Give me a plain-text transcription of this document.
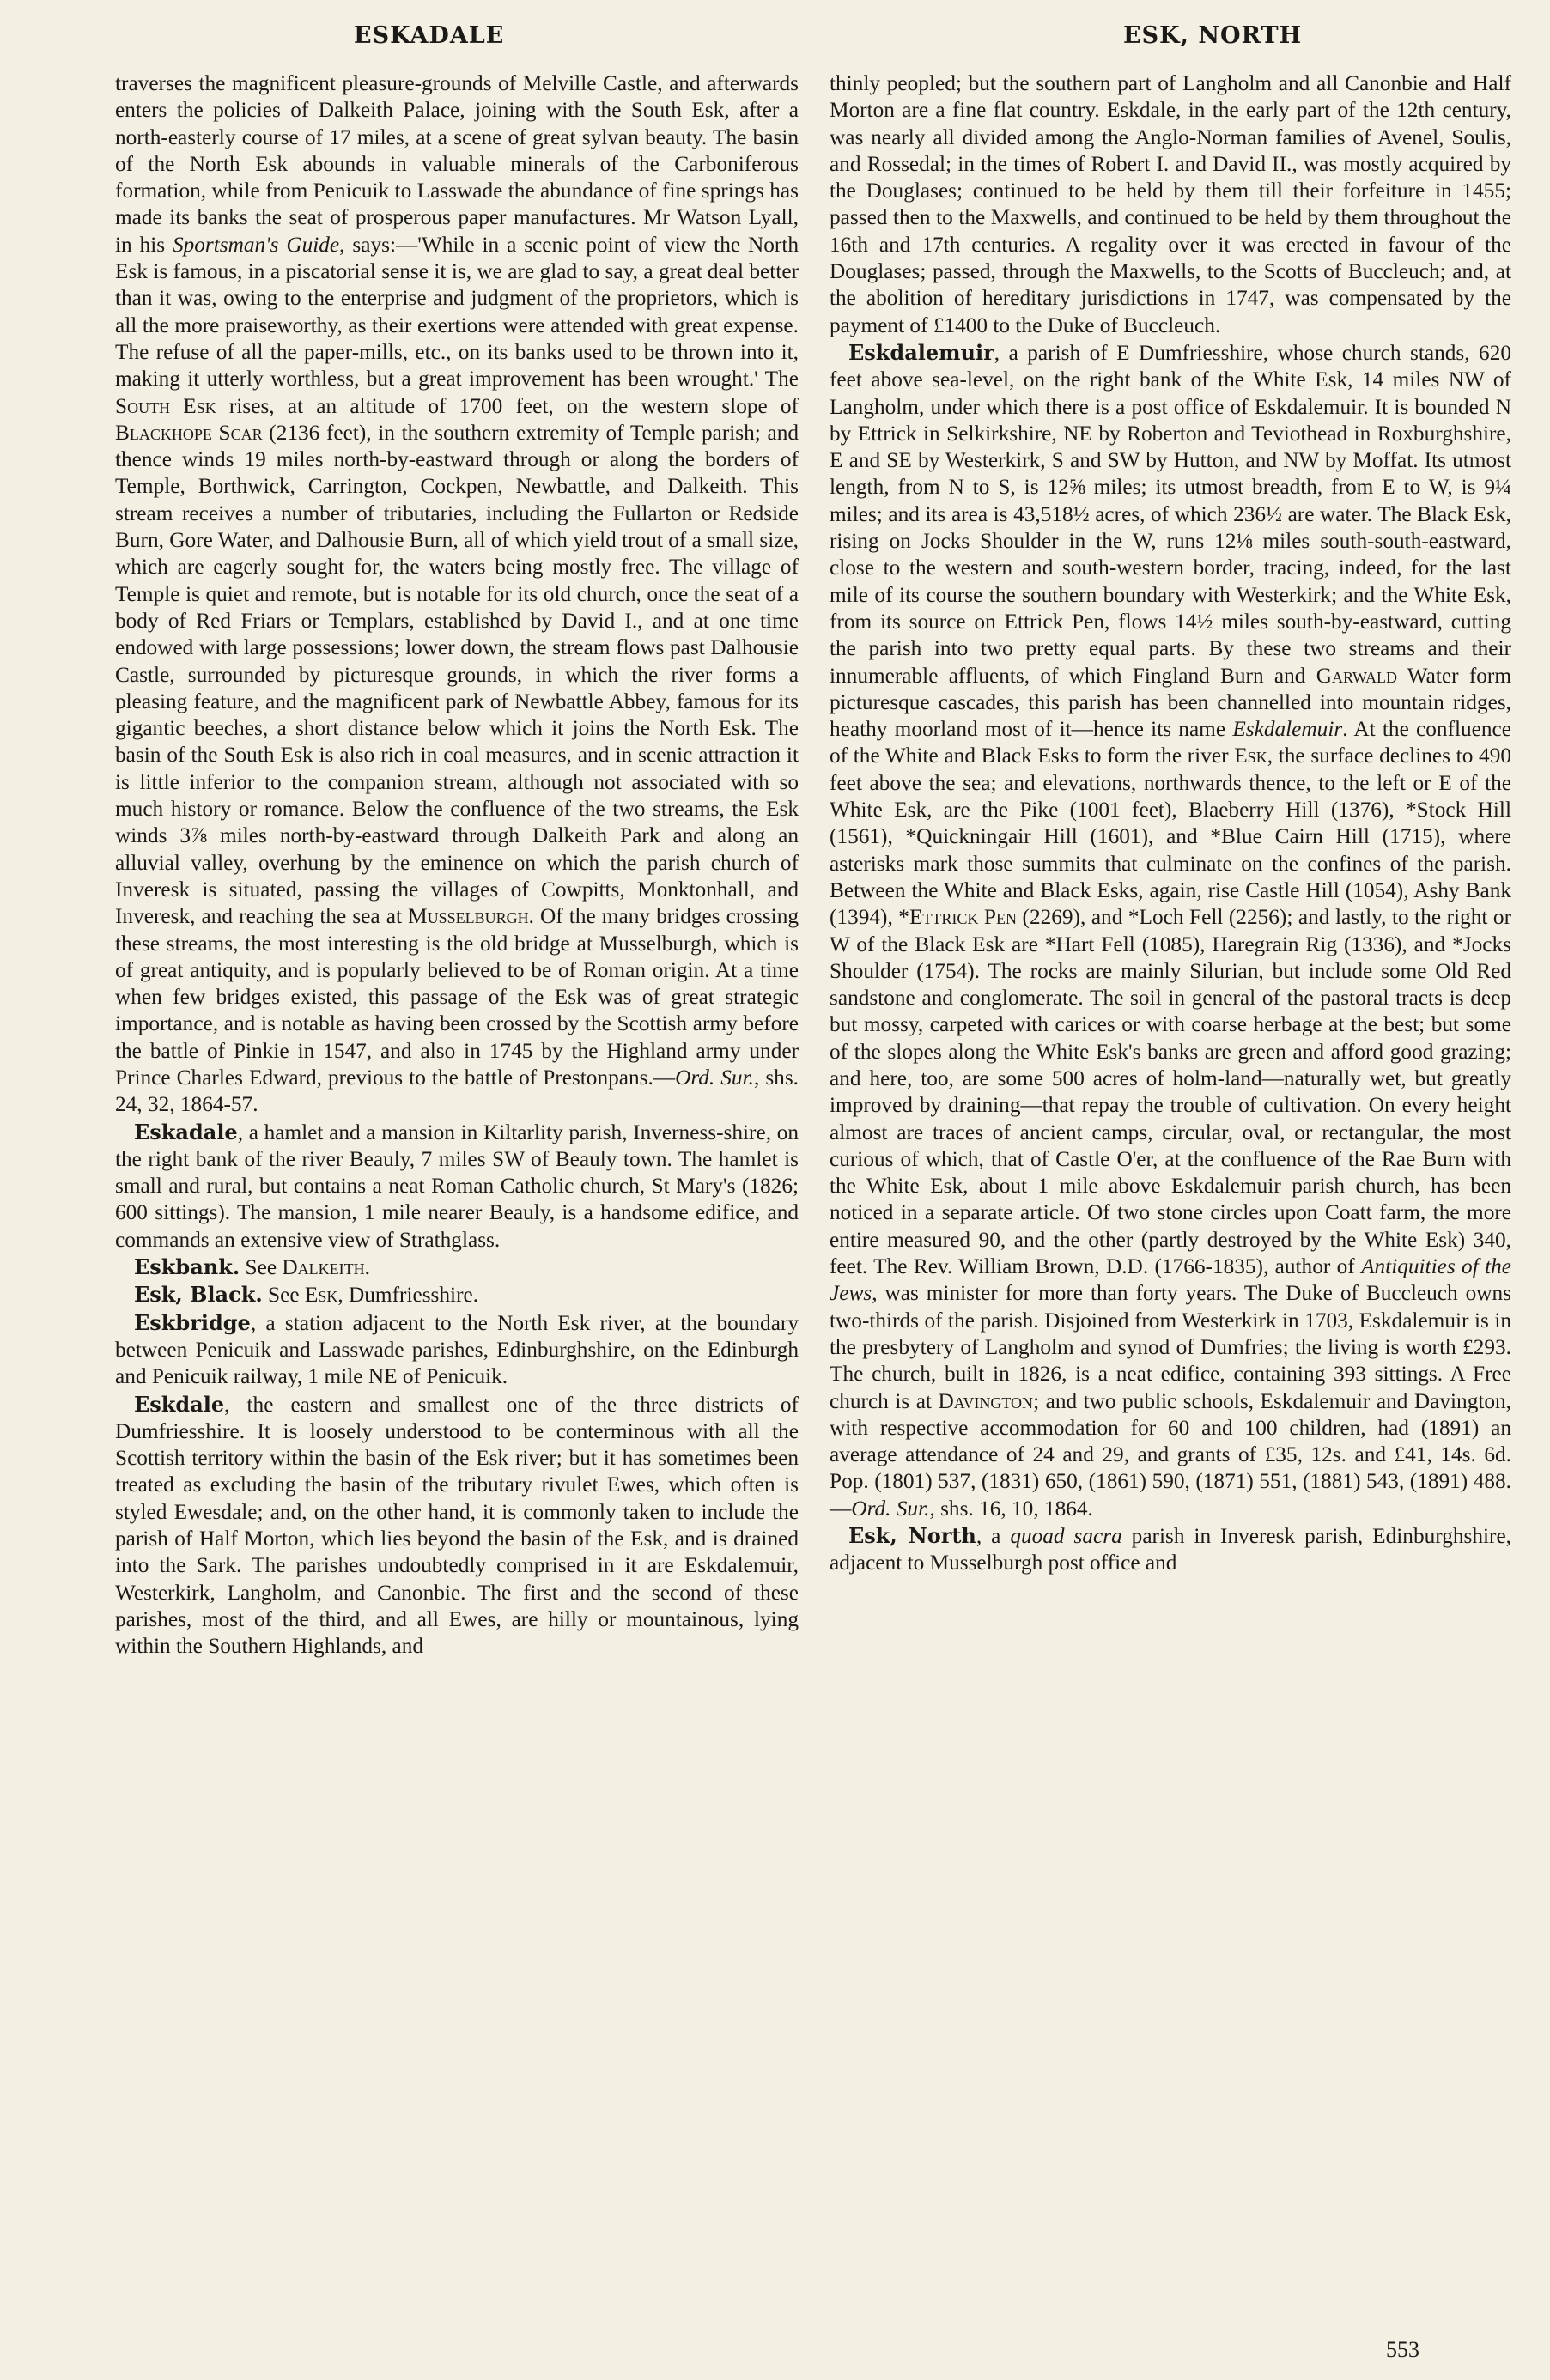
ESKADALE	ESK, NORTH

traverses the magnificent pleasure-grounds of Melville Castle, and afterwards enters the policies of Dalkeith Palace, joining with the South Esk, after a north-easterly course of 17 miles, at a scene of great sylvan beauty. The basin of the North Esk abounds in valuable minerals of the Carboniferous formation, while from Penicuik to Lasswade the abundance of fine springs has made its banks the seat of prosperous paper manufactures. Mr Watson Lyall, in his Sportsman's Guide, says:—'While in a scenic point of view the North Esk is famous, in a piscatorial sense it is, we are glad to say, a great deal better than it was, owing to the enterprise and judgment of the proprietors, which is all the more praiseworthy, as their exertions were attended with great expense. The refuse of all the paper-mills, etc., on its banks used to be thrown into it, making it utterly worthless, but a great improvement has been wrought.' The South Esk rises, at an altitude of 1700 feet, on the western slope of Blackhope Scar (2136 feet), in the southern extremity of Temple parish; and thence winds 19 miles north-by-eastward through or along the borders of Temple, Borthwick, Carrington, Cockpen, Newbattle, and Dalkeith. This stream receives a number of tributaries, including the Fullarton or Redside Burn, Gore Water, and Dalhousie Burn, all of which yield trout of a small size, which are eagerly sought for, the waters being mostly free. The village of Temple is quiet and remote, but is notable for its old church, once the seat of a body of Red Friars or Templars, established by David I., and at one time endowed with large possessions; lower down, the stream flows past Dalhousie Castle, surrounded by picturesque grounds, in which the river forms a pleasing feature, and the magnificent park of Newbattle Abbey, famous for its gigantic beeches, a short distance below which it joins the North Esk. The basin of the South Esk is also rich in coal measures, and in scenic attraction it is little inferior to the companion stream, although not associated with so much history or romance. Below the confluence of the two streams, the Esk winds 3⅞ miles north-by-eastward through Dalkeith Park and along an alluvial valley, overhung by the eminence on which the parish church of Inveresk is situated, passing the villages of Cowpitts, Monktonhall, and Inveresk, and reaching the sea at Musselburgh. Of the many bridges crossing these streams, the most interesting is the old bridge at Musselburgh, which is of great antiquity, and is popularly believed to be of Roman origin. At a time when few bridges existed, this passage of the Esk was of great strategic importance, and is notable as having been crossed by the Scottish army before the battle of Pinkie in 1547, and also in 1745 by the Highland army under Prince Charles Edward, previous to the battle of Prestonpans.—Ord. Sur., shs. 24, 32, 1864-57.

Eskadale, a hamlet and a mansion in Kiltarlity parish, Inverness-shire, on the right bank of the river Beauly, 7 miles SW of Beauly town. The hamlet is small and rural, but contains a neat Roman Catholic church, St Mary's (1826; 600 sittings). The mansion, 1 mile nearer Beauly, is a handsome edifice, and commands an extensive view of Strathglass.

Eskbank. See Dalkeith.

Esk, Black. See Esk, Dumfriesshire.

Eskbridge, a station adjacent to the North Esk river, at the boundary between Penicuik and Lasswade parishes, Edinburghshire, on the Edinburgh and Penicuik railway, 1 mile NE of Penicuik.

Eskdale, the eastern and smallest one of the three districts of Dumfriesshire. It is loosely understood to be conterminous with all the Scottish territory within the basin of the Esk river; but it has sometimes been treated as excluding the basin of the tributary rivulet Ewes, which often is styled Ewesdale; and, on the other hand, it is commonly taken to include the parish of Half Morton, which lies beyond the basin of the Esk, and is drained into the Sark. The parishes undoubtedly comprised in it are Eskdalemuir, Westerkirk, Langholm, and Canonbie. The first and the second of these parishes, most of the third, and all Ewes, are hilly or mountainous, lying within the Southern Highlands, and

thinly peopled; but the southern part of Langholm and all Canonbie and Half Morton are a fine flat country. Eskdale, in the early part of the 12th century, was nearly all divided among the Anglo-Norman families of Avenel, Soulis, and Rossedal; in the times of Robert I. and David II., was mostly acquired by the Douglases; continued to be held by them till their forfeiture in 1455; passed then to the Maxwells, and continued to be held by them throughout the 16th and 17th centuries. A regality over it was erected in favour of the Douglases; passed, through the Maxwells, to the Scotts of Buccleuch; and, at the abolition of hereditary jurisdictions in 1747, was compensated by the payment of £1400 to the Duke of Buccleuch.

Eskdalemuir, a parish of E Dumfriesshire, whose church stands, 620 feet above sea-level, on the right bank of the White Esk, 14 miles NW of Langholm, under which there is a post office of Eskdalemuir. It is bounded N by Ettrick in Selkirkshire, NE by Roberton and Teviothead in Roxburghshire, E and SE by Westerkirk, S and SW by Hutton, and NW by Moffat. Its utmost length, from N to S, is 12⅝ miles; its utmost breadth, from E to W, is 9¼ miles; and its area is 43,518½ acres, of which 236½ are water. The Black Esk, rising on Jocks Shoulder in the W, runs 12⅛ miles south-south-eastward, close to the western and south-western border, tracing, indeed, for the last mile of its course the southern boundary with Westerkirk; and the White Esk, from its source on Ettrick Pen, flows 14½ miles south-by-eastward, cutting the parish into two pretty equal parts. By these two streams and their innumerable affluents, of which Fingland Burn and Garwald Water form picturesque cascades, this parish has been channelled into mountain ridges, heathy moorland most of it—hence its name Eskdalemuir. At the confluence of the White and Black Esks to form the river Esk, the surface declines to 490 feet above the sea; and elevations, northwards thence, to the left or E of the White Esk, are the Pike (1001 feet), Blaeberry Hill (1376), *Stock Hill (1561), *Quickningair Hill (1601), and *Blue Cairn Hill (1715), where asterisks mark those summits that culminate on the confines of the parish. Between the White and Black Esks, again, rise Castle Hill (1054), Ashy Bank (1394), *Ettrick Pen (2269), and *Loch Fell (2256); and lastly, to the right or W of the Black Esk are *Hart Fell (1085), Haregrain Rig (1336), and *Jocks Shoulder (1754). The rocks are mainly Silurian, but include some Old Red sandstone and conglomerate. The soil in general of the pastoral tracts is deep but mossy, carpeted with carices or with coarse herbage at the best; but some of the slopes along the White Esk's banks are green and afford good grazing; and here, too, are some 500 acres of holm-land—naturally wet, but greatly improved by draining—that repay the trouble of cultivation. On every height almost are traces of ancient camps, circular, oval, or rectangular, the most curious of which, that of Castle O'er, at the confluence of the Rae Burn with the White Esk, about 1 mile above Eskdalemuir parish church, has been noticed in a separate article. Of two stone circles upon Coatt farm, the more entire measured 90, and the other (partly destroyed by the White Esk) 340, feet. The Rev. William Brown, D.D. (1766-1835), author of Antiquities of the Jews, was minister for more than forty years. The Duke of Buccleuch owns two-thirds of the parish. Disjoined from Westerkirk in 1703, Eskdalemuir is in the presbytery of Langholm and synod of Dumfries; the living is worth £293. The church, built in 1826, is a neat edifice, containing 393 sittings. A Free church is at Davington; and two public schools, Eskdalemuir and Davington, with respective accommodation for 60 and 100 children, had (1891) an average attendance of 24 and 29, and grants of £35, 12s. and £41, 14s. 6d. Pop. (1801) 537, (1831) 650, (1861) 590, (1871) 551, (1881) 543, (1891) 488.—Ord. Sur., shs. 16, 10, 1864.

Esk, North, a quoad sacra parish in Inveresk parish, Edinburghshire, adjacent to Musselburgh post office and

553
